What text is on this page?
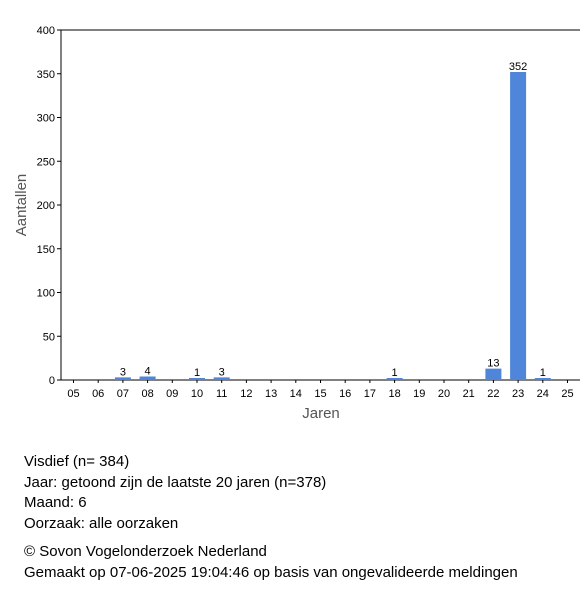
0
50
100
150
200
250
300
350
400
05 06 07 08 09 10 11 12 13 14 15 16 17 18 19 20 21 22 23 24 25
3 4	1 3	1
13
352
1
Jaren
Aantallen
Visdief (n= 384)
Jaar: getoond zijn de laatste 20 jaren (n=378)
Maand: 6
Oorzaak: alle oorzaken
© Sovon Vogelonderzoek Nederland
Gemaakt op 07-06-2025 19:04:46 op basis van ongevalideerde meldingen
